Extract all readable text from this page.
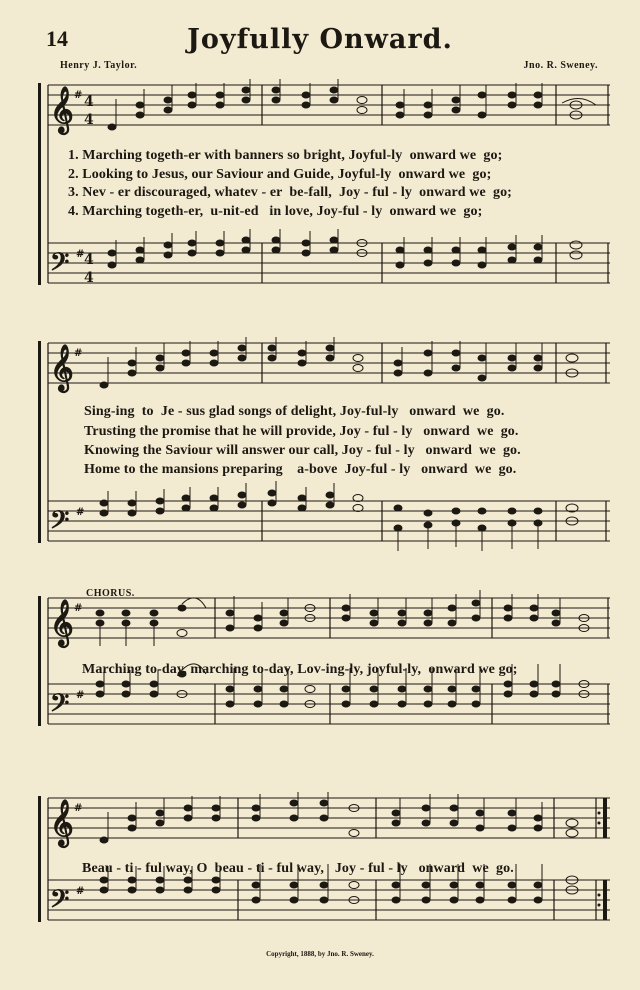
14	Joyfully Onward.
Henry J. Taylor.	Jno. R. Sweney.
𝄞 # 4
4
𝄢 # 4
4
1. Marching togeth-er with banners so bright, Joyful-ly  onward we  go;
2. Looking to Jesus, our Saviour and Guide, Joyful-ly  onward we  go;
3. Nev - er discouraged, whatev - er  be-fall,  Joy - ful - ly  onward we  go;
4. Marching togeth-er,  u-nit-ed   in love, Joy-ful - ly  onward we  go;
𝄞 #
𝄢 #
Sing-ing  to  Je - sus glad songs of delight, Joy-ful-ly   onward  we  go.
Trusting the promise that he will provide, Joy - ful - ly   onward  we  go.
Knowing the Saviour will answer our call, Joy - ful - ly   onward  we  go.
Home to the mansions preparing    a-bove  Joy-ful - ly   onward  we  go.
CHORUS.
𝄞 #
𝄢 #
Marching to-day, marching to-day, Lov-ing-ly, joyful-ly,  onward we go;
𝄞 #
𝄢 #
Beau - ti - ful way, O  beau - ti - ful way,   Joy - ful - ly   onward  we  go.
Copyright, 1888, by Jno. R. Sweney.
